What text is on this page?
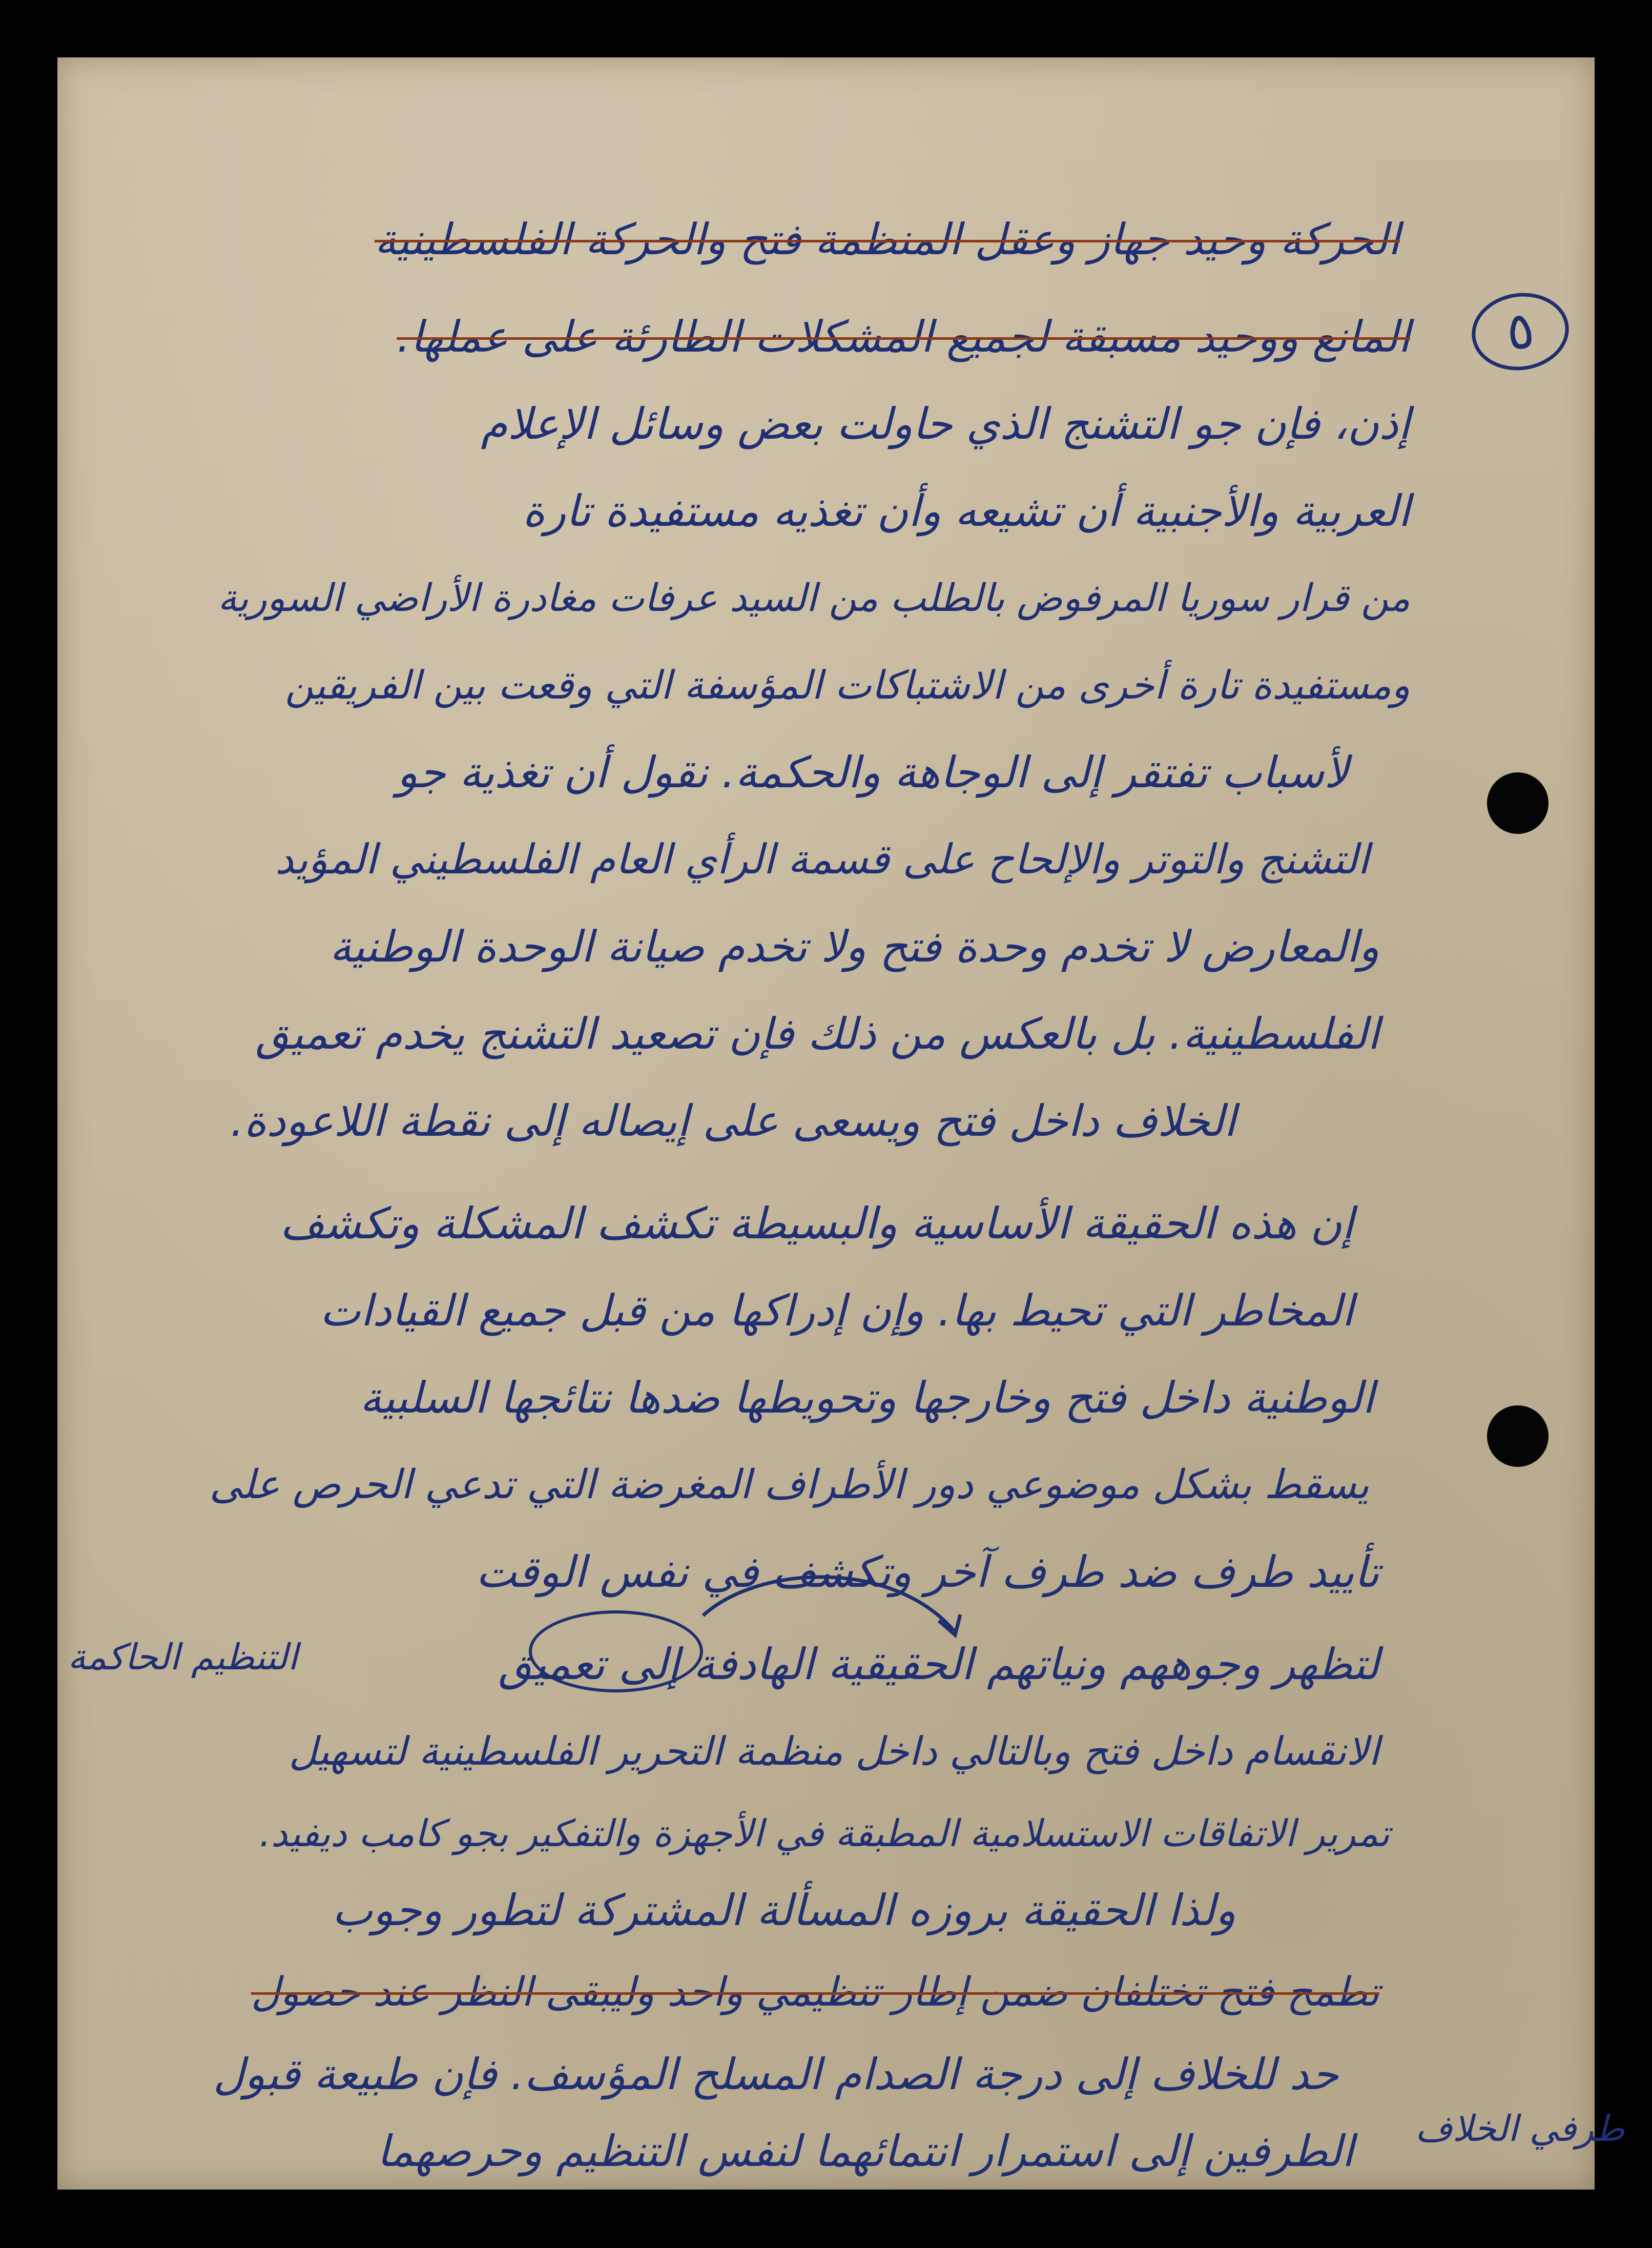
٥
الحركة وحيد جهاز وعقل المنظمة فتح والحركة الفلسطينية
المانع ووحيد مسبقة لجميع المشكلات الطارئة على عملها.
إذن، فإن جو التشنج الذي حاولت بعض وسائل الإعلام
العربية والأجنبية أن تشيعه وأن تغذيه مستفيدة تارة
من قرار سوريا المرفوض بالطلب من السيد عرفات مغادرة الأراضي السورية
ومستفيدة تارة أخرى من الاشتباكات المؤسفة التي وقعت بين الفريقين
لأسباب تفتقر إلى الوجاهة والحكمة. نقول أن تغذية جو
التشنج والتوتر والإلحاح على قسمة الرأي العام الفلسطيني المؤيد
والمعارض لا تخدم وحدة فتح ولا تخدم صيانة الوحدة الوطنية
الفلسطينية. بل بالعكس من ذلك فإن تصعيد التشنج يخدم تعميق
الخلاف داخل فتح ويسعى على إيصاله إلى نقطة اللاعودة.
إن هذه الحقيقة الأساسية والبسيطة تكشف المشكلة وتكشف
المخاطر التي تحيط بها. وإن إدراكها من قبل جميع القيادات
الوطنية داخل فتح وخارجها وتحويطها ضدها نتائجها السلبية
يسقط بشكل موضوعي دور الأطراف المغرضة التي تدعي الحرص على
تأييد طرف ضد طرف آخر وتكشف في نفس الوقت
لتظهر وجوههم ونياتهم الحقيقية الهادفة إلى تعميق
الانقسام داخل فتح وبالتالي داخل منظمة التحرير الفلسطينية لتسهيل
تمرير الاتفاقات الاستسلامية المطبقة في الأجهزة والتفكير بجو كامب ديفيد.
ولذا الحقيقة بروزه المسألة المشتركة لتطور وجوب
تطمح فتح تختلفان ضمن إطار تنظيمي واحد وليبقى النظر عند حصول
حد للخلاف إلى درجة الصدام المسلح المؤسف. فإن طبيعة قبول
الطرفين إلى استمرار انتمائهما لنفس التنظيم وحرصهما
التنظيم الحاكمة
طرفي الخلاف
